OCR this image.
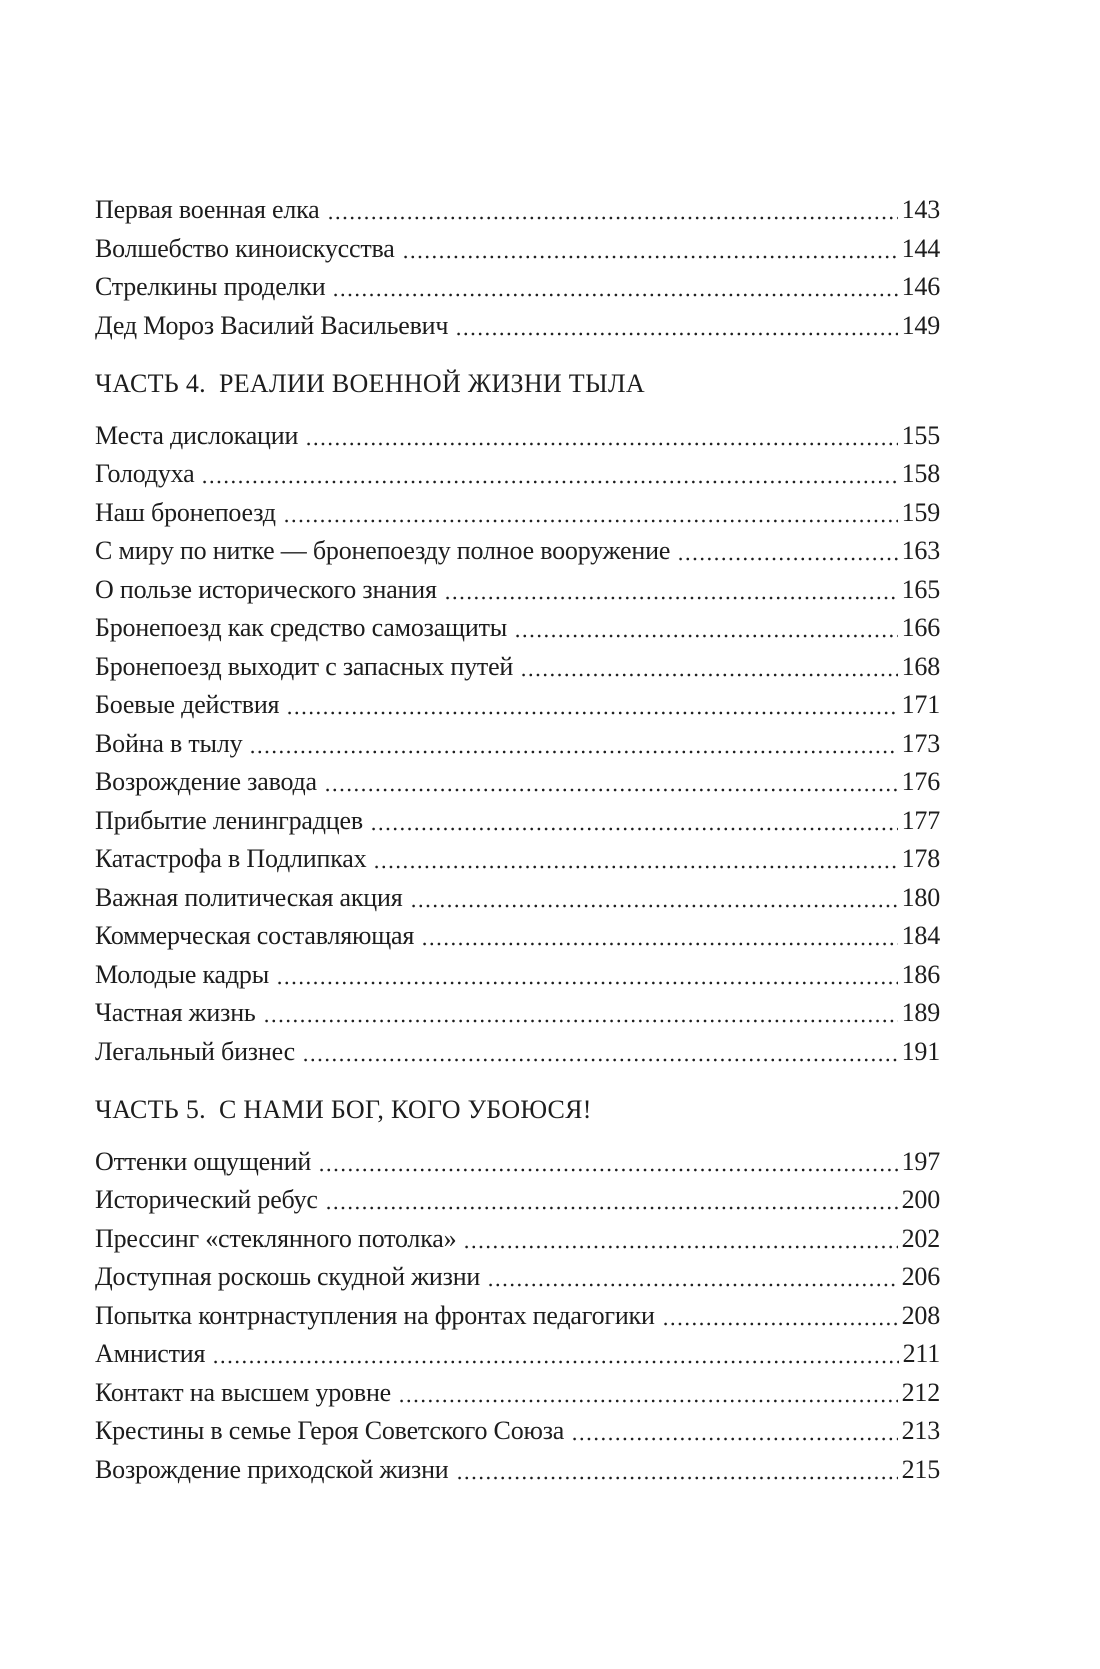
Первая военная елка	143
Волшебство киноискусства	144
Стрелкины проделки	146
Дед Мороз Василий Васильевич	149
ЧАСТЬ 4. РЕАЛИИ ВОЕННОЙ ЖИЗНИ ТЫЛА
Места дислокации	155
Голодуха	158
Наш бронепоезд	159
С миру по нитке — бронепоезду полное вооружение	163
О пользе исторического знания	165
Бронепоезд как средство самозащиты	166
Бронепоезд выходит с запасных путей	168
Боевые действия	171
Война в тылу	173
Возрождение завода	176
Прибытие ленинградцев	177
Катастрофа в Подлипках	178
Важная политическая акция	180
Коммерческая составляющая	184
Молодые кадры	186
Частная жизнь	189
Легальный бизнес	191
ЧАСТЬ 5. С НАМИ БОГ, КОГО УБОЮСЯ!
Оттенки ощущений	197
Исторический ребус	200
Прессинг «стеклянного потолка»	202
Доступная роскошь скудной жизни	206
Попытка контрнаступления на фронтах педагогики	208
Амнистия	211
Контакт на высшем уровне	212
Крестины в семье Героя Советского Союза	213
Возрождение приходской жизни	215
